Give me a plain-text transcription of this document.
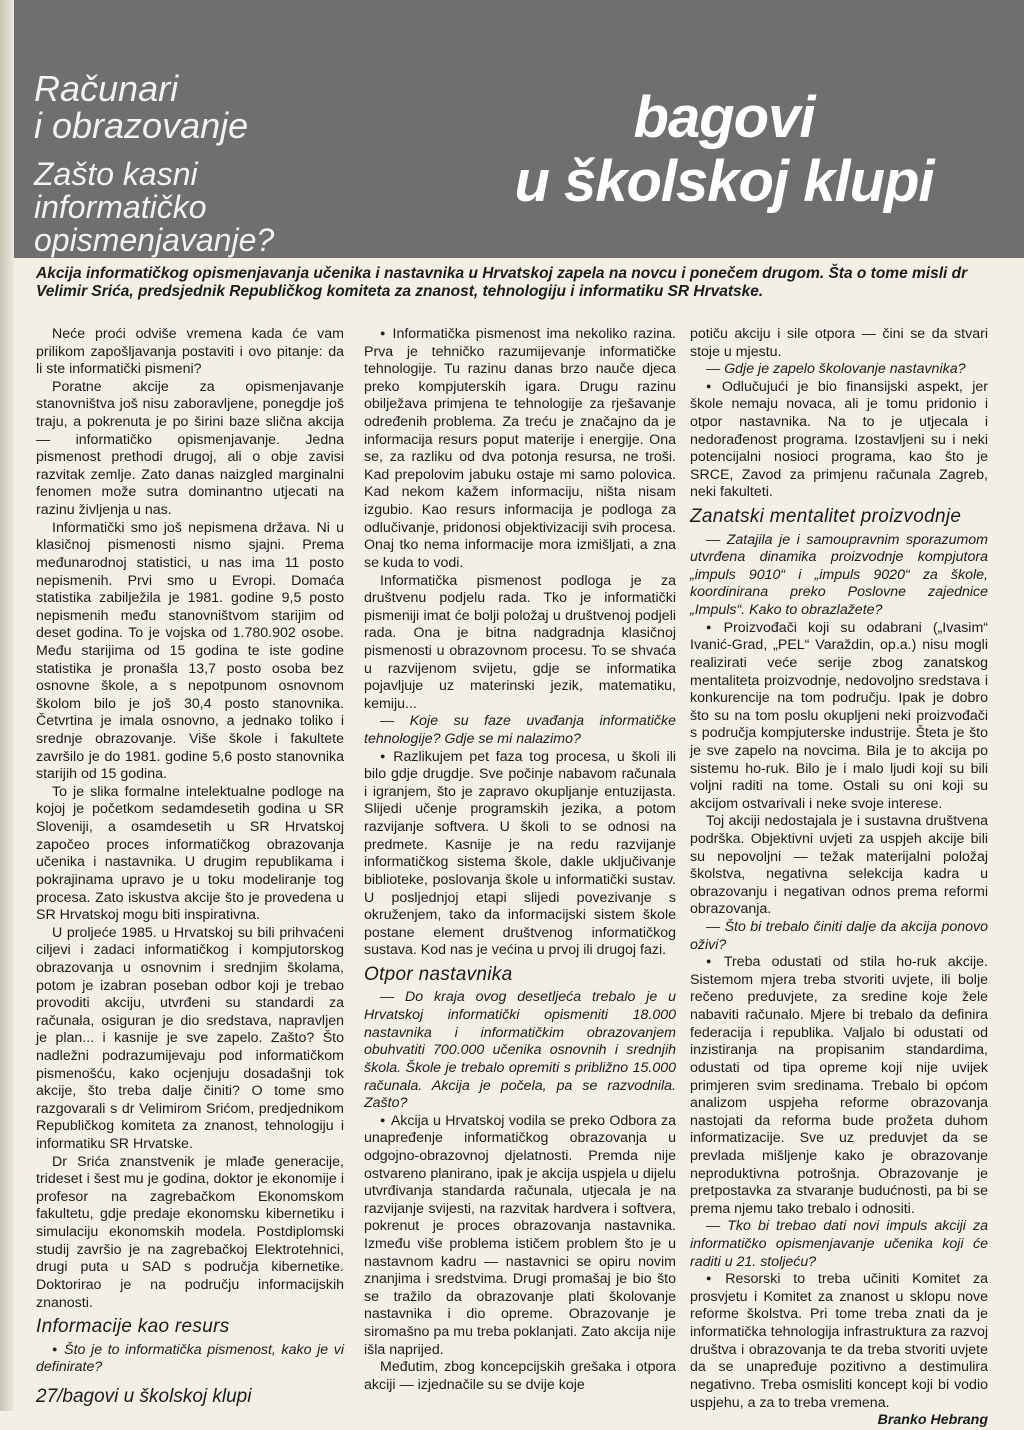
Računari
i obrazovanje
Zašto kasni informatičko opismenjavanje?
bagovi
u školskoj klupi
Akcija informatičkog opismenjavanja učenika i nastavnika u Hrvatskoj zapela na novcu i ponečem drugom. Šta o tome misli dr Velimir Srića, predsjednik Republičkog komiteta za znanost, tehnologiju i informatiku SR Hrvatske.

Neće proći odviše vremena kada će vam prilikom zapošljavanja postaviti i ovo pitanje: da li ste informatički pismeni?

Poratne akcije za opismenjavanje stanovništva još nisu zaboravljene, ponegdje još traju, a pokrenuta je po širini baze slična akcija — informatičko opismenjavanje. Jedna pismenost prethodi drugoj, ali o obje zavisi razvitak zemlje. Zato danas naizgled marginalni fenomen može sutra dominantno utjecati na razinu življenja u nas.

Informatički smo još nepismena država. Ni u klasičnoj pismenosti nismo sjajni. Prema međunarodnoj statistici, u nas ima 11 posto nepismenih. Prvi smo u Evropi. Domaća statistika zabilježila je 1981. godine 9,5 posto nepismenih među stanovništvom starijim od deset godina. To je vojska od 1.780.902 osobe. Među starijima od 15 godina te iste godine statistika je pronašla 13,7 posto osoba bez osnovne škole, a s nepotpunom osnovnom školom bilo je još 30,4 posto stanovnika. Četvrtina je imala osnovno, a jednako toliko i srednje obrazovanje. Više škole i fakultete završilo je do 1981. godine 5,6 posto stanovnika starijih od 15 godina.

To je slika formalne intelektualne podloge na kojoj je početkom sedamdesetih godina u SR Sloveniji, a osamdesetih u SR Hrvatskoj započeo proces informatičkog obrazovanja učenika i nastavnika. U drugim republikama i pokrajinama upravo je u toku modeliranje tog procesa. Zato iskustva akcije što je provedena u SR Hrvatskoj mogu biti inspirativna.

U proljeće 1985. u Hrvatskoj su bili prihvaćeni ciljevi i zadaci informatičkog i kompjutorskog obrazovanja u osnovnim i srednjim školama, potom je izabran poseban odbor koji je trebao provoditi akciju, utvrđeni su standardi za računala, osiguran je dio sredstava, napravljen je plan... i kasnije je sve zapelo. Zašto? Što nadležni podrazumijevaju pod informatičkom pismenošću, kako ocjenjuju dosadašnji tok akcije, što treba dalje činiti? O tome smo razgovarali s dr Velimirom Srićom, predjednikom Republičkog komiteta za znanost, tehnologiju i informatiku SR Hrvatske.

Dr Srića znanstvenik je mlađe generacije, trideset i šest mu je godina, doktor je ekonomije i profesor na zagrebačkom Ekonomskom fakultetu, gdje predaje ekonomsku kibernetiku i simulaciju ekonomskih modela. Postdiplomski studij završio je na zagrebačkoj Elektrotehnici, drugi puta u SAD s područja kibernetike. Doktorirao je na području informacijskih znanosti.

Informacije kao resurs

● Što je to informatička pismenost, kako je vi definirate?

27/bagovi u školskoj klupi

● Informatička pismenost ima nekoliko razina. Prva je tehničko razumijevanje informatičke tehnologije. Tu razinu danas brzo nauče djeca preko kompjuterskih igara. Drugu razinu obilježava primjena te tehnologije za rješavanje određenih problema. Za treću je značajno da je informacija resurs poput materije i energije. Ona se, za razliku od dva potonja resursa, ne troši. Kad prepolovim jabuku ostaje mi samo polovica. Kad nekom kažem informaciju, ništa nisam izgubio. Kao resurs informacija je podloga za odlučivanje, pridonosi objektivizaciji svih procesa. Onaj tko nema informacije mora izmišljati, a zna se kuda to vodi.

Informatička pismenost podloga je za društvenu podjelu rada. Tko je informatički pismeniji imat će bolji položaj u društvenoj podjeli rada. Ona je bitna nadgradnja klasičnoj pismenosti u obrazovnom procesu. To se shvaća u razvijenom svijetu, gdje se informatika pojavljuje uz materinski jezik, matematiku, kemiju...

— Koje su faze uvađanja informatičke tehnologije? Gdje se mi nalazimo?

● Razlikujem pet faza tog procesa, u školi ili bilo gdje drugdje. Sve počinje nabavom računala i igranjem, što je zapravo okupljanje entuzijasta. Slijedi učenje programskih jezika, a potom razvijanje softvera. U školi to se odnosi na predmete. Kasnije je na redu razvijanje informatičkog sistema škole, dakle uključivanje biblioteke, poslovanja škole u informatički sustav. U posljednjoj etapi slijedi povezivanje s okruženjem, tako da informacijski sistem škole postane element društvenog informatičkog sustava. Kod nas je većina u prvoj ili drugoj fazi.

Otpor nastavnika

— Do kraja ovog desetljeća trebalo je u Hrvatskoj informatički opismeniti 18.000 nastavnika i informatičkim obrazovanjem obuhvatiti 700.000 učenika osnovnih i srednjih škola. Škole je trebalo opremiti s približno 15.000 računala. Akcija je počela, pa se razvodnila. Zašto?

● Akcija u Hrvatskoj vodila se preko Odbora za unapređenje informatičkog obrazovanja u odgojno-obrazovnoj djelatnosti. Premda nije ostvareno planirano, ipak je akcija uspjela u dijelu utvrđivanja standarda računala, utjecala je na razvijanje svijesti, na razvitak hardvera i softvera, pokrenut je proces obrazovanja nastavnika. Između više problema ističem problem što je u nastavnom kadru — nastavnici se opiru novim znanjima i sredstvima. Drugi promašaj je bio što se tražilo da obrazovanje plati školovanje nastavnika i dio opreme. Obrazovanje je siromašno pa mu treba poklanjati. Zato akcija nije išla naprijed.

Međutim, zbog koncepcijskih grešaka i otpora akciji — izjednačile su se dvije koje

potiču akciju i sile otpora — čini se da stvari stoje u mjestu.

— Gdje je zapelo školovanje nastavnika?

● Odlučujući je bio finansijski aspekt, jer škole nemaju novaca, ali je tomu pridonio i otpor nastavnika. Na to je utjecala i nedorađenost programa. Izostavljeni su i neki potencijalni nosioci programa, kao što je SRCE, Zavod za primjenu računala Zagreb, neki fakulteti.

Zanatski mentalitet proizvodnje

— Zatajila je i samoupravnim sporazumom utvrđena dinamika proizvodnje kompjutora „impuls 9010“ i „impuls 9020“ za škole, koordinirana preko Poslovne zajednice „Impuls“. Kako to obrazlažete?

● Proizvođači koji su odabrani („Ivasim“ Ivanić-Grad, „PEL“ Varaždin, op.a.) nisu mogli realizirati veće serije zbog zanatskog mentaliteta proizvodnje, nedovoljno sredstava i konkurencije na tom području. Ipak je dobro što su na tom poslu okupljeni neki proizvođači s područja kompjuterske industrije. Šteta je što je sve zapelo na novcima. Bila je to akcija po sistemu ho-ruk. Bilo je i malo ljudi koji su bili voljni raditi na tome. Ostali su oni koji su akcijom ostvarivali i neke svoje interese.

Toj akciji nedostajala je i sustavna društvena podrška. Objektivni uvjeti za uspjeh akcije bili su nepovoljni — težak materijalni položaj školstva, negativna selekcija kadra u obrazovanju i negativan odnos prema reformi obrazovanja.

— Što bi trebalo činiti dalje da akcija ponovo oživi?

● Treba odustati od stila ho-ruk akcije. Sistemom mjera treba stvoriti uvjete, ili bolje rečeno preduvjete, za sredine koje žele nabaviti računalo. Mjere bi trebalo da definira federacija i republika. Valjalo bi odustati od inzistiranja na propisanim standardima, odustati od tipa opreme koji nije uvijek primjeren svim sredinama. Trebalo bi općom analizom uspjeha reforme obrazovanja nastojati da reforma bude prožeta duhom informatizacije. Sve uz preduvjet da se prevlada mišljenje kako je obrazovanje neproduktivna potrošnja. Obrazovanje je pretpostavka za stvaranje budućnosti, pa bi se prema njemu tako trebalo i odnositi.

— Tko bi trebao dati novi impuls akciji za informatičko opismenjavanje učenika koji će raditi u 21. stoljeću?

● Resorski to treba učiniti Komitet za prosvjetu i Komitet za znanost u sklopu nove reforme školstva. Pri tome treba znati da je informatička tehnologija infrastruktura za razvoj društva i obrazovanja te da treba stvoriti uvjete da se unapređuje pozitivno a destimulira negativno. Treba osmisliti koncept koji bi vodio uspjehu, a za to treba vremena.

Branko Hebrang
